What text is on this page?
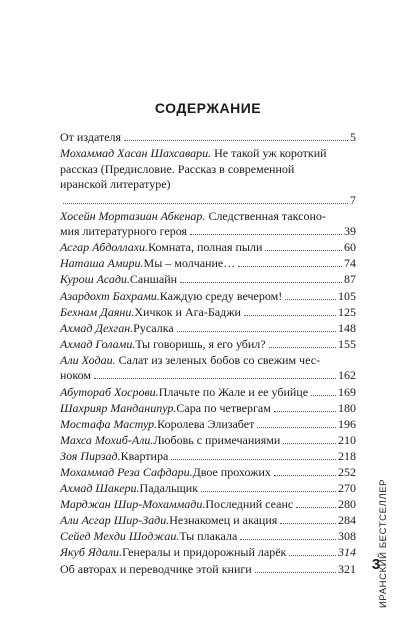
СОДЕРЖАНИЕ
От издателя	5
Мохаммад Хасан Шахсавари. Не такой уж короткий
рассказ (Предисловие. Рассказ в современной
иранской литературе)
7
Хосейн Мортазиан Абкенар. Следственная таксоно-
мия литературного героя	39
Асгар Абдоллахи. Комната, полная пыли	60
Наташа Амири. Мы – молчание…	74
Курош Асади. Саншайн	87
Азардохт Бахрами. Каждую среду вечером!	105
Бехнам Даяни. Хичкок и Ага-Баджи	125
Ахмад Дехган. Русалка	148
Ахмад Голами. Ты говоришь, я его убил?	155
Али Ходаи. Салат из зеленых бобов со свежим чес-
ноком	162
Абутораб Хосрови. Плачьте по Жале и ее убийце 169
Шахрияр Манданипур. Сара по четвергам	180
Мостафа Мастур. Королева Элизабет	196
Махса Мохиб-Али. Любовь с примечаниями	210
Зоя Пирзад. Квартира	218
Мохаммад Реза Сафдари. Двое прохожих	252
Ахмад Шакери. Падальщик	270
Марджан Шир-Мохаммади. Последний сеанс	280
Али Асгар Шир-Зади. Незнакомец и акация	284
Сейед Мехди Шоджаи. Ты плакала	308
Якуб Ядали. Генералы и придорожный ларёк	314
Об авторах и переводчике этой книги	321 ИРАНСКИЙ БЕСТСЕЛЛЕР
3
